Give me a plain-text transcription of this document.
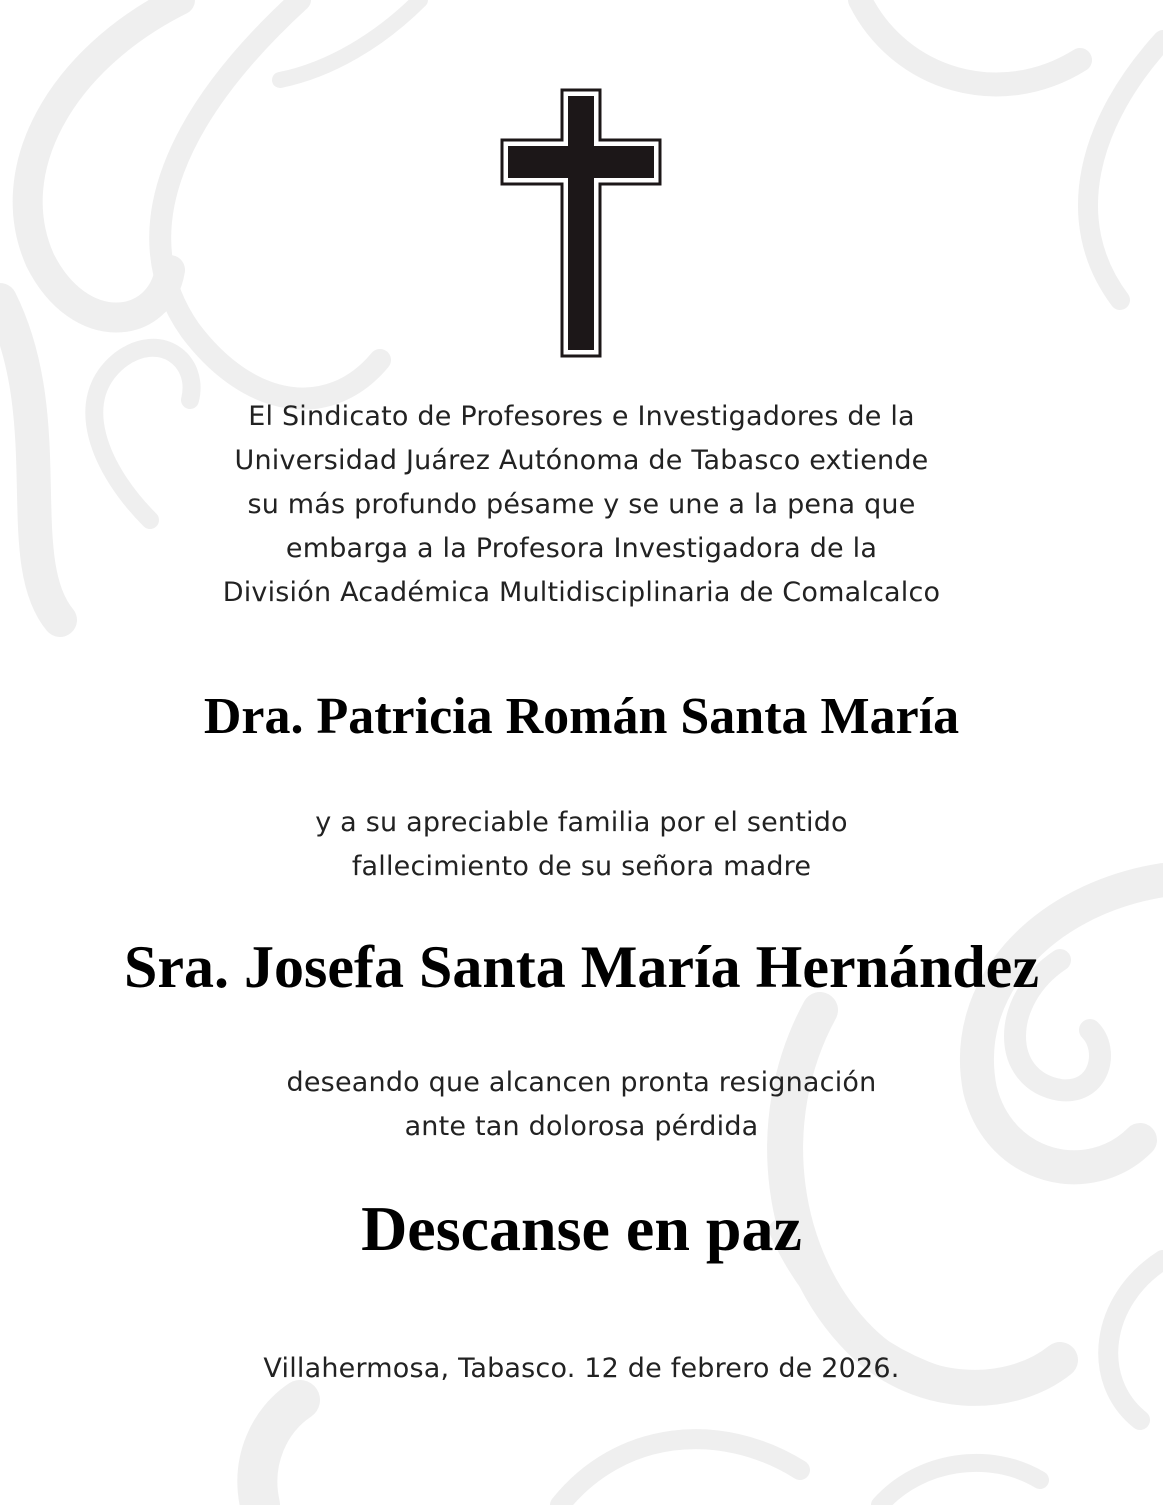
El Sindicato de Profesores e Investigadores de la
Universidad Juárez Autónoma de Tabasco extiende
su más profundo pésame y se une a la pena que
embarga a la Profesora Investigadora de la
División Académica Multidisciplinaria de Comalcalco
Dra. Patricia Román Santa María
y a su apreciable familia por el sentido
fallecimiento de su señora madre
Sra. Josefa Santa María Hernández
deseando que alcancen pronta resignación
ante tan dolorosa pérdida
Descanse en paz
Villahermosa, Tabasco. 12 de febrero de 2026.
